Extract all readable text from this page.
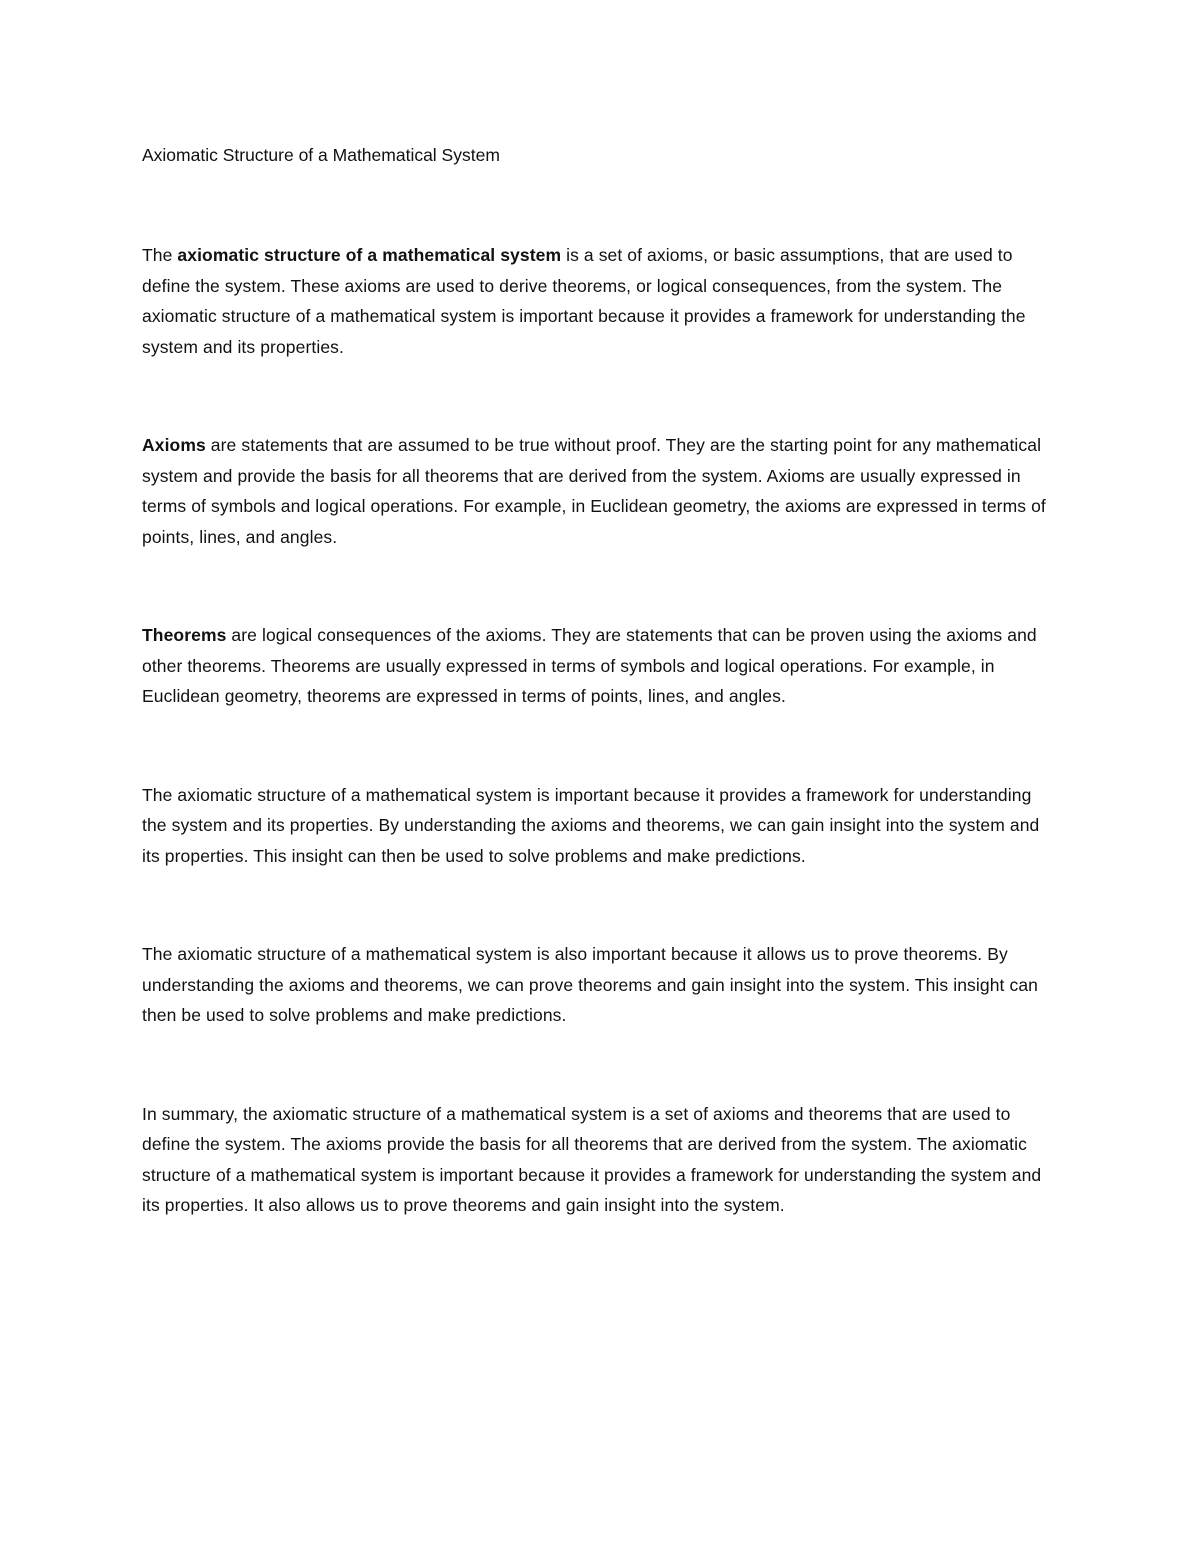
Axiomatic Structure of a Mathematical System

The axiomatic structure of a mathematical system is a set of axioms, or basic assumptions, that are used to define the system. These axioms are used to derive theorems, or logical consequences, from the system. The axiomatic structure of a mathematical system is important because it provides a framework for understanding the system and its properties.

Axioms are statements that are assumed to be true without proof. They are the starting point for any mathematical system and provide the basis for all theorems that are derived from the system. Axioms are usually expressed in terms of symbols and logical operations. For example, in Euclidean geometry, the axioms are expressed in terms of points, lines, and angles.

Theorems are logical consequences of the axioms. They are statements that can be proven using the axioms and other theorems. Theorems are usually expressed in terms of symbols and logical operations. For example, in Euclidean geometry, theorems are expressed in terms of points, lines, and angles.

The axiomatic structure of a mathematical system is important because it provides a framework for understanding the system and its properties. By understanding the axioms and theorems, we can gain insight into the system and its properties. This insight can then be used to solve problems and make predictions.

The axiomatic structure of a mathematical system is also important because it allows us to prove theorems. By understanding the axioms and theorems, we can prove theorems and gain insight into the system. This insight can then be used to solve problems and make predictions.

In summary, the axiomatic structure of a mathematical system is a set of axioms and theorems that are used to define the system. The axioms provide the basis for all theorems that are derived from the system. The axiomatic structure of a mathematical system is important because it provides a framework for understanding the system and its properties. It also allows us to prove theorems and gain insight into the system.
